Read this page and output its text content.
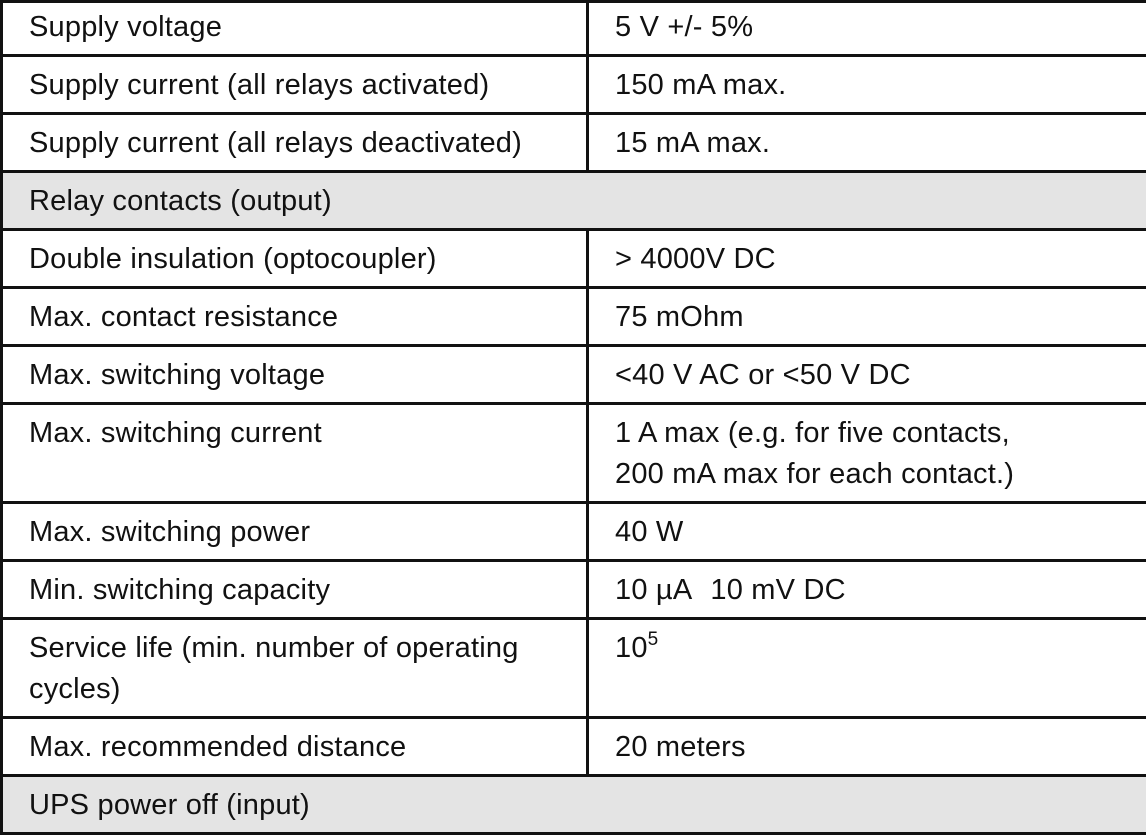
Supply voltage	5 V +/- 5%
Supply current (all relays activated)	150 mA max.
Supply current (all relays deactivated)	15 mA max.
Relay contacts (output)	
Double insulation (optocoupler)	> 4000V DC
Max. contact resistance	75 mOhm
Max. switching voltage	<40 V AC or <50 V DC
Max. switching current	1 A max (e.g. for five contacts,
200 mA max for each contact.)

Max. switching power	40 W
Min. switching capacity	10 µA 10 mV DC
Service life (min. number of operating cycles)	$10^5$
Max. recommended distance	20 meters
UPS power off (input)	
